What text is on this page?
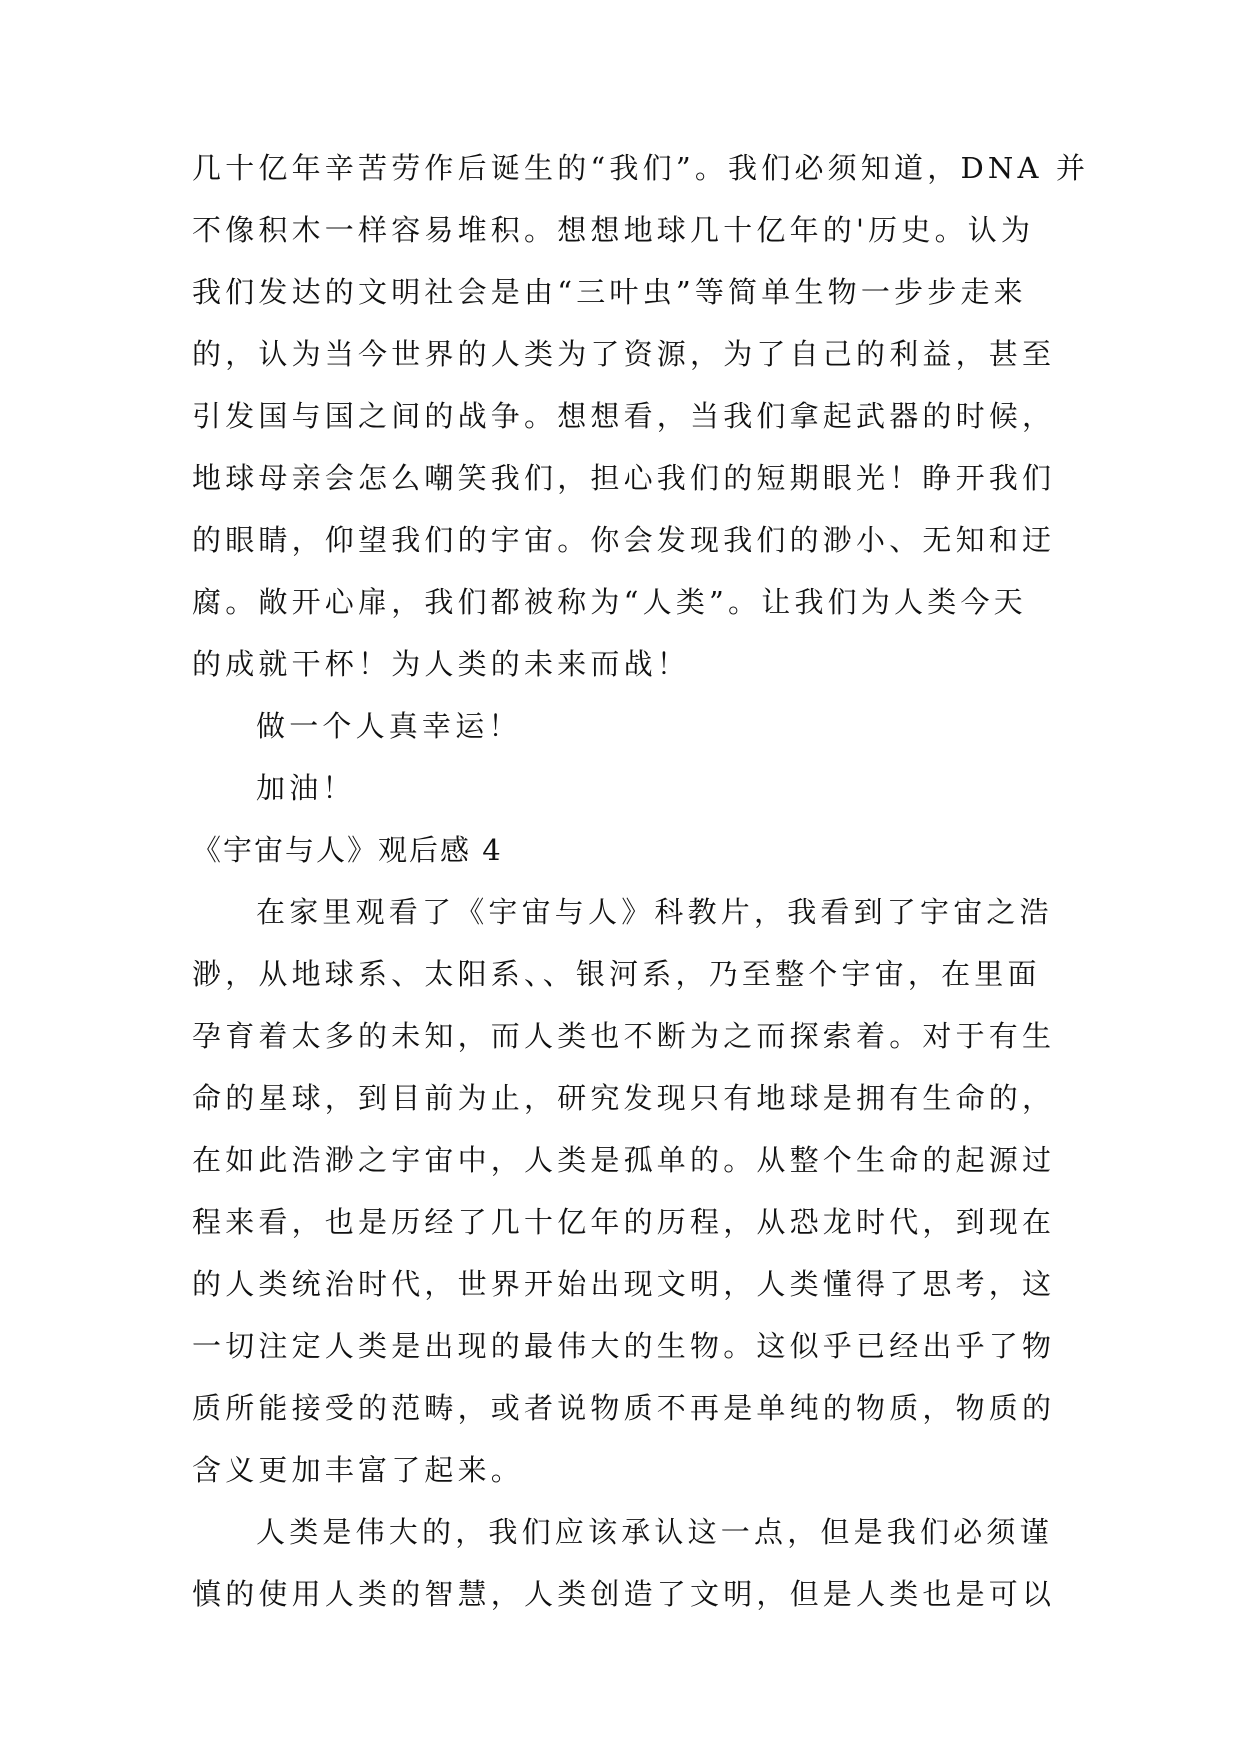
几十亿年辛苦劳作后诞生的“我们”。我们必须知道，DNA 并
不像积木一样容易堆积。想想地球几十亿年的'历史。认为
我们发达的文明社会是由“三叶虫”等简单生物一步步走来
的，认为当今世界的人类为了资源，为了自己的利益，甚至
引发国与国之间的战争。想想看，当我们拿起武器的时候，
地球母亲会怎么嘲笑我们，担心我们的短期眼光！睁开我们
的眼睛，仰望我们的宇宙。你会发现我们的渺小、无知和迂
腐。敞开心扉，我们都被称为“人类”。让我们为人类今天
的成就干杯！为人类的未来而战！
做一个人真幸运！
加油！
《宇宙与人》观后感 4
在家里观看了《宇宙与人》科教片，我看到了宇宙之浩
渺，从地球系、太阳系、、银河系，乃至整个宇宙，在里面
孕育着太多的未知，而人类也不断为之而探索着。对于有生
命的星球，到目前为止，研究发现只有地球是拥有生命的，
在如此浩渺之宇宙中，人类是孤单的。从整个生命的起源过
程来看，也是历经了几十亿年的历程，从恐龙时代，到现在
的人类统治时代，世界开始出现文明，人类懂得了思考，这
一切注定人类是出现的最伟大的生物。这似乎已经出乎了物
质所能接受的范畴，或者说物质不再是单纯的物质，物质的
含义更加丰富了起来。
人类是伟大的，我们应该承认这一点，但是我们必须谨
慎的使用人类的智慧，人类创造了文明，但是人类也是可以
